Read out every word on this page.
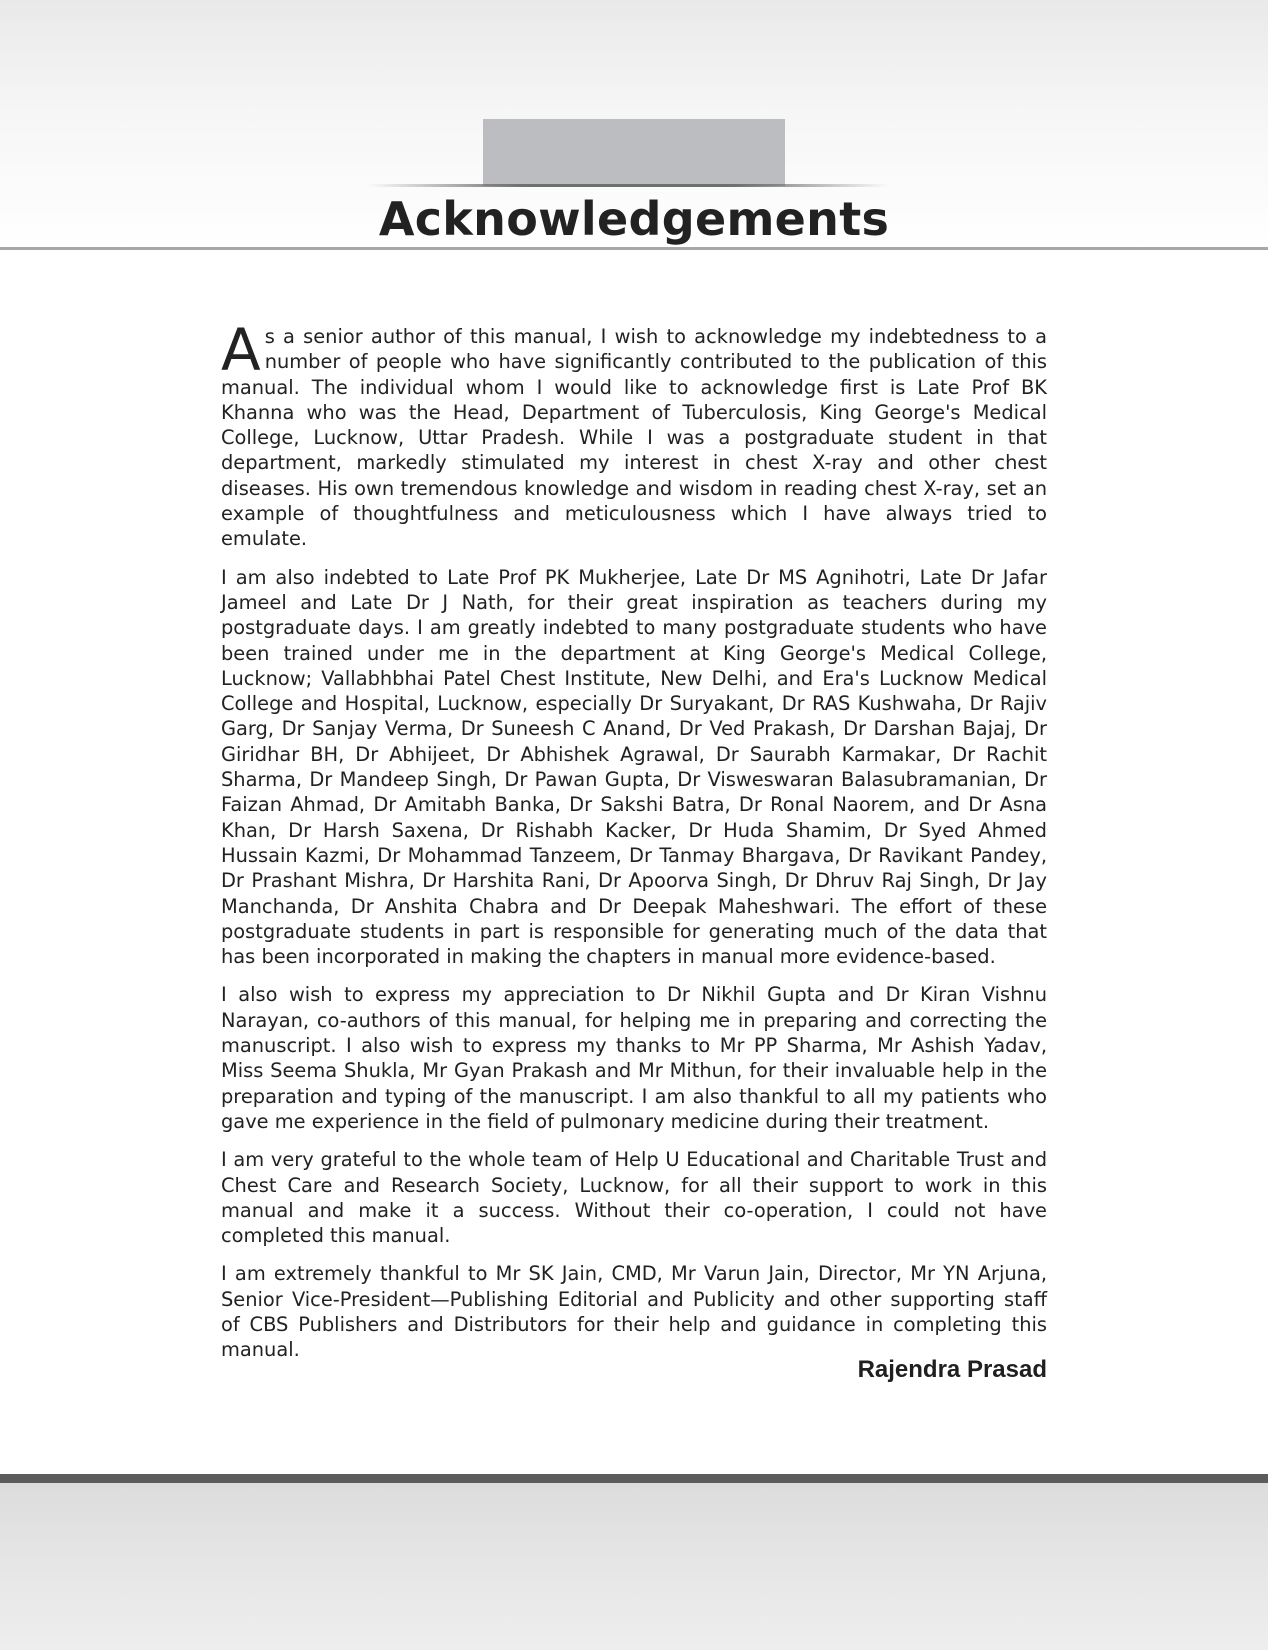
Acknowledgements

As a senior author of this manual, I wish to acknowledge my indebtedness to a number of people who have significantly contributed to the publication of this manual. The individual whom I would like to acknowledge first is Late Prof BK Khanna who was the Head, Department of Tuberculosis, King George's Medical College, Lucknow, Uttar Pradesh. While I was a postgraduate student in that department, markedly stimulated my interest in chest X-ray and other chest diseases. His own tremendous knowledge and wisdom in reading chest X-ray, set an example of thoughtfulness and meticulousness which I have always tried to emulate.

I am also indebted to Late Prof PK Mukherjee, Late Dr MS Agnihotri, Late Dr Jafar Jameel and Late Dr J Nath, for their great inspiration as teachers during my postgraduate days. I am greatly indebted to many postgraduate students who have been trained under me in the department at King George's Medical College, Lucknow; Vallabhbhai Patel Chest Institute, New Delhi, and Era's Lucknow Medical College and Hospital, Lucknow, especially Dr Suryakant, Dr RAS Kushwaha, Dr Rajiv Garg, Dr Sanjay Verma, Dr Suneesh C Anand, Dr Ved Prakash, Dr Darshan Bajaj, Dr Giridhar BH, Dr Abhijeet, Dr Abhishek Agrawal, Dr Saurabh Karmakar, Dr Rachit Sharma, Dr Mandeep Singh, Dr Pawan Gupta, Dr Visweswaran Balasubramanian, Dr Faizan Ahmad, Dr Amitabh Banka, Dr Sakshi Batra, Dr Ronal Naorem, and Dr Asna Khan, Dr Harsh Saxena, Dr Rishabh Kacker, Dr Huda Shamim, Dr Syed Ahmed Hussain Kazmi, Dr Mohammad Tanzeem, Dr Tanmay Bhargava, Dr Ravikant Pandey, Dr Prashant Mishra, Dr Harshita Rani, Dr Apoorva Singh, Dr Dhruv Raj Singh, Dr Jay Manchanda, Dr Anshita Chabra and Dr Deepak Maheshwari. The effort of these postgraduate students in part is responsible for generating much of the data that has been incorporated in making the chapters in manual more evidence-based.

I also wish to express my appreciation to Dr Nikhil Gupta and Dr Kiran Vishnu Narayan, co-authors of this manual, for helping me in preparing and correcting the manuscript. I also wish to express my thanks to Mr PP Sharma, Mr Ashish Yadav, Miss Seema Shukla, Mr Gyan Prakash and Mr Mithun, for their invaluable help in the preparation and typing of the manuscript. I am also thankful to all my patients who gave me experience in the field of pulmonary medicine during their treatment.

I am very grateful to the whole team of Help U Educational and Charitable Trust and Chest Care and Research Society, Lucknow, for all their support to work in this manual and make it a success. Without their co-operation, I could not have completed this manual.

I am extremely thankful to Mr SK Jain, CMD, Mr Varun Jain, Director, Mr YN Arjuna, Senior Vice-President—Publishing Editorial and Publicity and other supporting staff of CBS Publishers and Distributors for their help and guidance in completing this manual.

Rajendra Prasad
